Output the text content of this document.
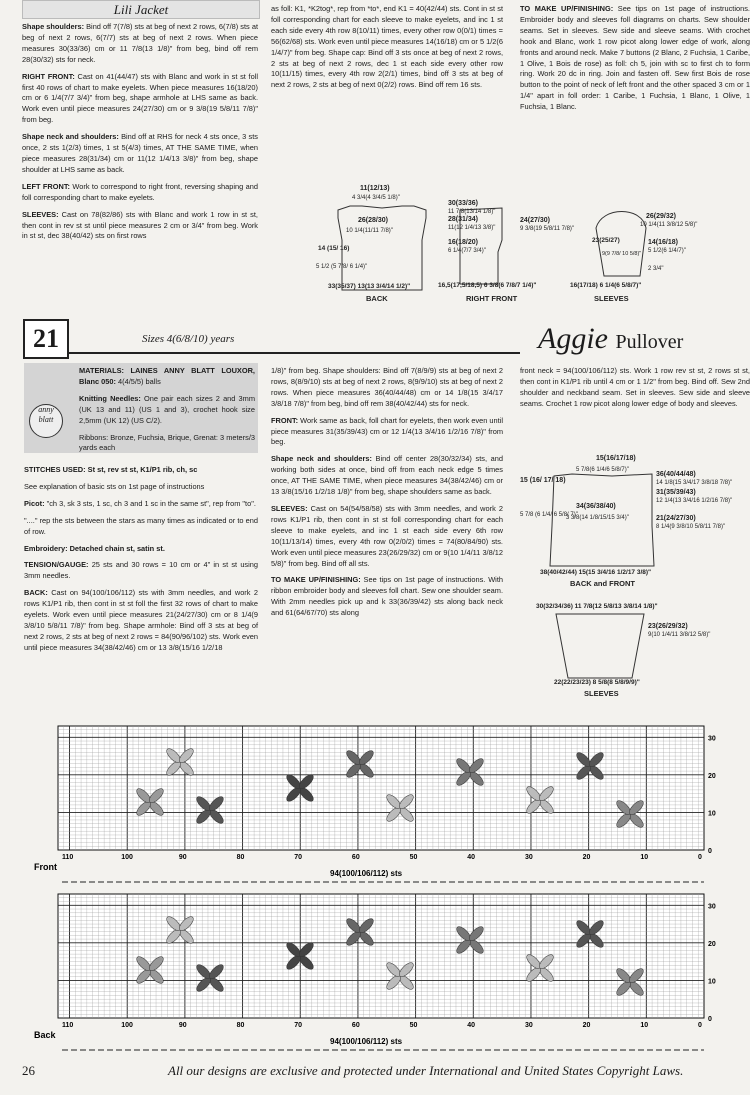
Lili Jacket

Shape shoulders: Bind off 7(7/8) sts at beg of next 2 rows, 6(7/8) sts at beg of next 2 rows, 6(7/7) sts at beg of next 2 rows. When piece measures 30(33/36) cm or 11 7/8(13 1/8)" from beg, bind off rem 28(30/32) sts for neck.

RIGHT FRONT: Cast on 41(44/47) sts with Blanc and work in st st foll first 40 rows of chart to make eyelets. When piece measures 16(18/20) cm or 6 1/4(7/7 3/4)" from beg, shape armhole at LHS same as back. Work even until piece measures 24(27/30) cm or 9 3/8(19 5/8/11 7/8)" from beg.

Shape neck and shoulders: Bind off at RHS for neck 4 sts once, 3 sts once, 2 sts 1(2/3) times, 1 st 5(4/3) times, AT THE SAME TIME, when piece measures 28(31/34) cm or 11(12 1/4/13 3/8)" from beg, shape shoulder at LHS same as back.

LEFT FRONT: Work to correspond to right front, reversing shaping and foll corresponding chart to make eyelets.

SLEEVES: Cast on 78(82/86) sts with Blanc and work 1 row in st st, then cont in rev st st until piece measures 2 cm or 3/4" from beg. Work in st st, dec 38(40/42) sts on first rows

as foll: K1, *K2tog*, rep from *to*, end K1 = 40(42/44) sts. Cont in st st foll corresponding chart for each sleeve to make eyelets, and inc 1 st each side every 4th row 8(10/11) times, every other row 0(0/1) times = 56(62/68) sts. Work even until piece measures 14(16/18) cm or 5 1/2(6 1/4/7)" from beg. Shape cap: Bind off 3 sts once at beg of next 2 rows, 2 sts at beg of next 2 rows, dec 1 st each side every other row 10(11/15) times, every 4th row 2(2/1) times, bind off 3 sts at beg of next 2 rows, 2 sts at beg of next 0(2/2) rows. Bind off rem 16 sts.

TO MAKE UP/FINISHING: See tips on 1st page of instructions. Embroider body and sleeves foll diagrams on charts. Sew shoulder seams. Set in sleeves. Sew side and sleeve seams. With crochet hook and Blanc, work 1 row picot along lower edge of work, along fronts and around neck. Make 7 buttons (2 Blanc, 2 Fuchsia, 1 Caribe, 1 Olive, 1 Bois de rose) as foll: ch 5, join with sc to first ch to form ring. Work 20 dc in ring. Join and fasten off. Sew first Bois de rose button to the point of neck of left front and the other spaced 3 cm or 1 1/4" apart in foll order: 1 Caribe, 1 Fuchsia, 1 Blanc, 1 Olive, 1 Fuchsia, 1 Blanc.

11(12/13)
4 3/4(4 3/4/5 1/8)"
26(28/30)
10 1/4(11/11 7/8)"
14 (15/ 16)
5 1/2 (5 7/8/ 6 1/4)"
33(35/37) 13(13 3/4/14 1/2)"
BACK
30(33/36)
11 7/8(13/14 1/8)"
28(31/34)
11(12 1/4/13 3/8)"
16(18/20)
6 1/4(7/7 3/4)"
24(27/30)
9 3/8(19 5/8/11 7/8)"
16,5(17,5/18,5) 6 3/8(6 7/8/7 1/4)"
RIGHT FRONT
26(29/32)
10 1/4(11 3/8/12 5/8)"
23(25/27)
9(9 7/8/ 10 5/8)"
14(16/18)
5 1/2(6 1/4/7)"
2 3/4"
16(17/18) 6 1/4(6 5/8/7)"
SLEEVES
21	Sizes 4(6/8/10) years	Aggie Pullover

MATERIALS: LAINES ANNY BLATT LOUXOR, Blanc 050: 4(4/5/5) balls

Knitting Needles: One pair each sizes 2 and 3mm (UK 13 and 11) (US 1 and 3), crochet hook size 2,5mm (UK 12) (US C/2).

Ribbons: Bronze, Fuchsia, Brique, Grenat: 3 meters/3 yards each

anny blatt

STITCHES USED: St st, rev st st, K1/P1 rib, ch, sc

See explanation of basic sts on 1st page of instructions

Picot: "ch 3, sk 3 sts, 1 sc, ch 3 and 1 sc in the same st", rep from "to".

"...." rep the sts between the stars as many times as indicated or to end of row.

Embroidery: Detached chain st, satin st.

TENSION/GAUGE: 25 sts and 30 rows = 10 cm or 4" in st st using 3mm needles.

BACK: Cast on 94(100/106/112) sts with 3mm needles, and work 2 rows K1/P1 rib, then cont in st st foll the first 32 rows of chart to make eyelets. Work even until piece measures 21(24/27/30) cm or 8 1/4(9 3/8/10 5/8/11 7/8)" from beg. Shape armhole: Bind off 3 sts at beg of next 2 rows, 2 sts at beg of next 2 rows = 84(90/96/102) sts. Work even until piece measures 34(38/42/46) cm or 13 3/8(15/16 1/2/18

1/8)" from beg. Shape shoulders: Bind off 7(8/9/9) sts at beg of next 2 rows, 8(8/9/10) sts at beg of next 2 rows, 8(9/9/10) sts at beg of next 2 rows. When piece measures 36(40/44/48) cm or 14 1/8(15 3/4/17 3/8/18 7/8)" from beg, bind off rem 38(40/42/44) sts for neck.

FRONT: Work same as back, foll chart for eyelets, then work even until piece measures 31(35/39/43) cm or 12 1/4(13 3/4/16 1/2/16 7/8)" from beg.

Shape neck and shoulders: Bind off center 28(30/32/34) sts, and working both sides at once, bind off from each neck edge 5 times once, AT THE SAME TIME, when piece measures 34(38/42/46) cm or 13 3/8(15/16 1/2/18 1/8)" from beg, shape shoulders same as back.

SLEEVES: Cast on 54(54/58/58) sts with 3mm needles, and work 2 rows K1/P1 rib, then cont in st st foll corresponding chart for each sleeve to make eyelets, and inc 1 st each side every 6th row 10(11/13/14) times, every 4th row 0(2/0/2) times = 74(80/84/90) sts. Work even until piece measures 23(26/29/32) cm or 9(10 1/4/11 3/8/12 5/8)" from beg. Bind off all sts.

TO MAKE UP/FINISHING: See tips on 1st page of instructions. With ribbon embroider body and sleeves foll chart. Sew one shoulder seam. With 2mm needles pick up and k 33(36/39/42) sts along back neck and 61(64/67/70) sts along

front neck = 94(100/106/112) sts. Work 1 row rev st st, 2 rows st st, then cont in K1/P1 rib until 4 cm or 1 1/2" from beg. Bind off. Sew 2nd shoulder and neckband seam. Set in sleeves. Sew side and sleeve seams. Crochet 1 row picot along lower edge of body and sleeves.

15(16/17/18)
5 7/8(6 1/4/6 5/8/7)"
36(40/44/48)
14 1/8(15 3/4/17 3/8/18 7/8)"
31(35/39/43)
12 1/4(13 3/4/16 1/2/16 7/8)"
34(36/38/40)
3 3/8(14 1/8/15/15 3/4)"	21(24/27/30)
8 1/4(9 3/8/10 5/8/11 7/8)"
15 (16/ 17/ 18)
5 7/8 (6 1/4/ 6 5/8/ 7)"
38(40/42/44) 15(15 3/4/16 1/2/17 3/8)"
BACK and FRONT
30(32/34/36) 11 7/8(12 5/8/13 3/8/14 1/8)"
23(26/29/32)
9(10 1/4/11 3/8/12 5/8)"
22(22/23/23) 8 5/8(8 5/8/9/9)"
SLEEVES
110	100	90	80	70	60	50	40	30	20	10	0
30
20
10
0
Front
94(100/106/112) sts
110	100	90	80	70	60	50	40	30	20	10	0
30
20
10
0
Back
94(100/106/112) sts
26	All our designs are exclusive and protected under International and United States Copyright Laws.
